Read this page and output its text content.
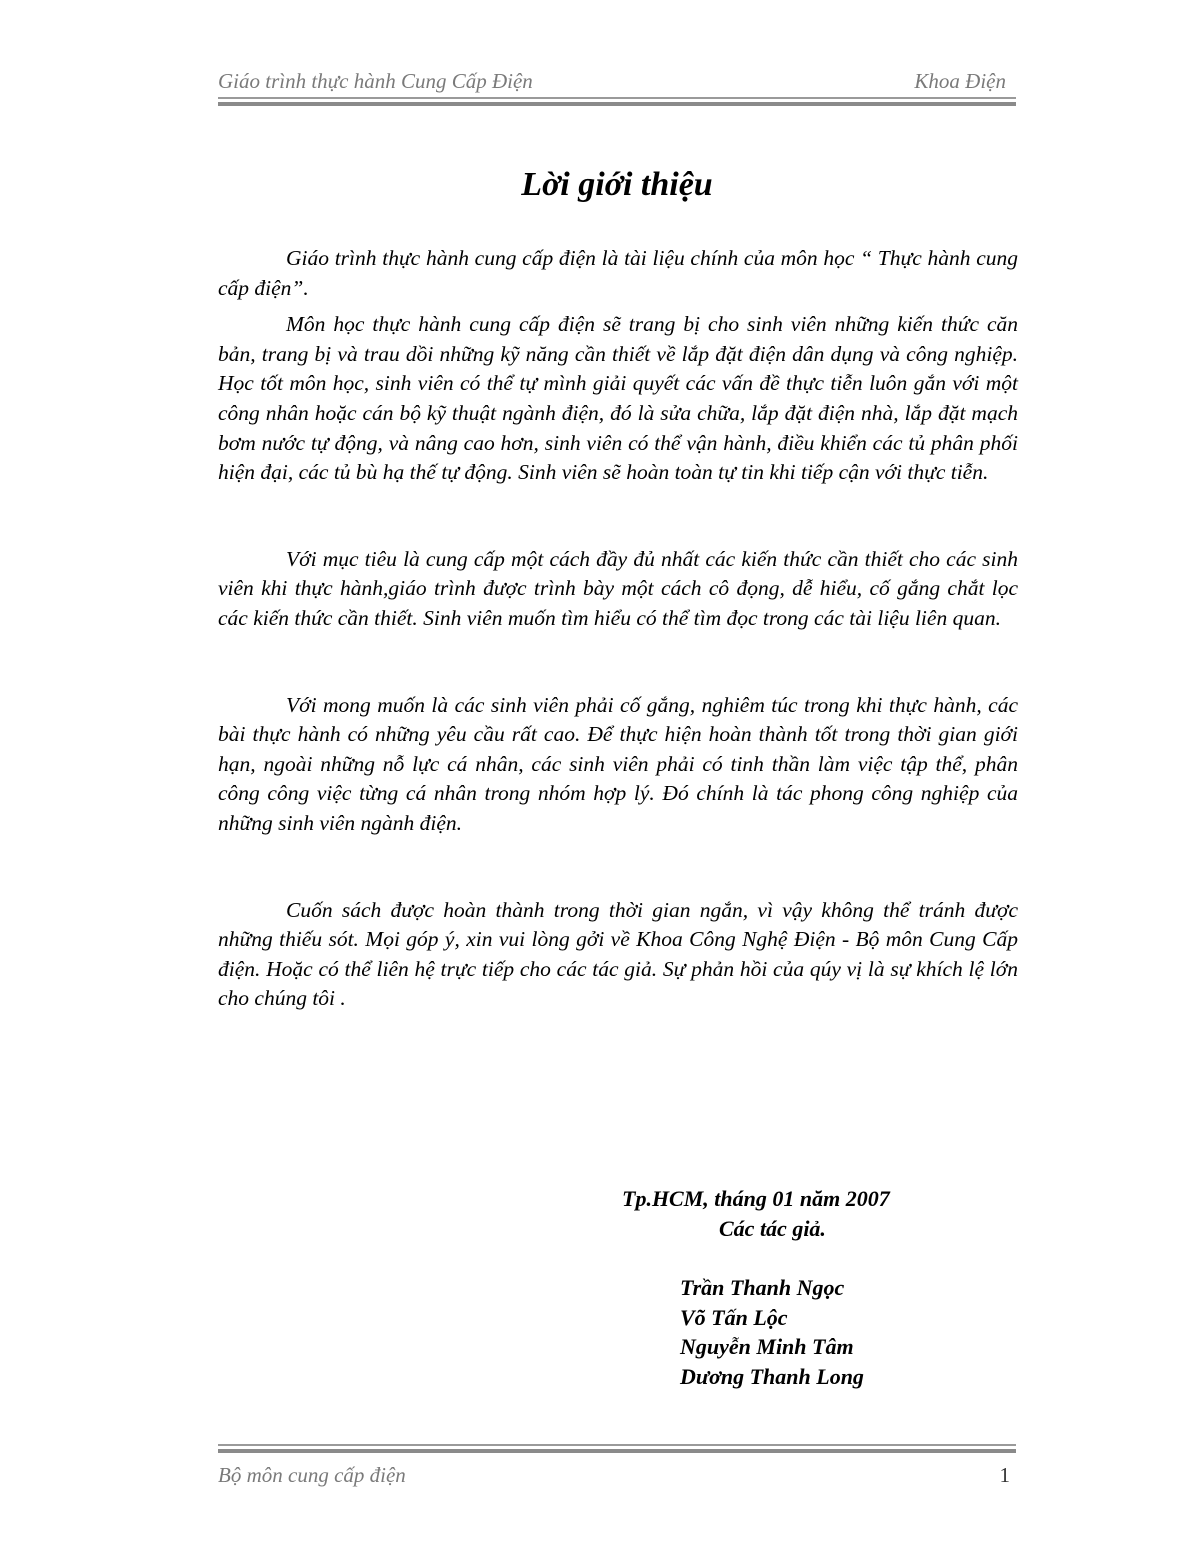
Giáo trình thực hành Cung Cấp Điện	Khoa Điện
Lời giới thiệu

Giáo trình thực hành cung cấp điện là tài liệu chính của môn học “ Thực hành cung cấp điện”.

Môn học thực hành cung cấp điện sẽ trang bị cho sinh viên những kiến thức căn bản, trang bị và trau dồi những kỹ năng cần thiết về lắp đặt điện dân dụng và công nghiệp. Học tốt môn học, sinh viên có thể tự mình giải quyết các vấn đề thực tiễn luôn gắn với một công nhân hoặc cán bộ kỹ thuật ngành điện, đó là sửa chữa, lắp đặt điện nhà, lắp đặt mạch bơm nước tự động, và nâng cao hơn, sinh viên có thể vận hành, điều khiển các tủ phân phối hiện đại, các tủ bù hạ thế tự động. Sinh viên sẽ hoàn toàn tự tin khi tiếp cận với thực tiễn.

Với mục tiêu là cung cấp một cách đầy đủ nhất các kiến thức cần thiết cho các sinh viên khi thực hành,giáo trình được trình bày một cách cô đọng, dễ hiểu, cố gắng chắt lọc các kiến thức cần thiết. Sinh viên muốn tìm hiểu có thể tìm đọc trong các tài liệu liên quan.

Với mong muốn là các sinh viên phải cố gắng, nghiêm túc trong khi thực hành, các bài thực hành có những yêu cầu rất cao. Để thực hiện hoàn thành tốt trong thời gian giới hạn, ngoài những nỗ lực cá nhân, các sinh viên phải có tinh thần làm việc tập thể, phân công công việc từng cá nhân trong nhóm hợp lý. Đó chính là tác phong công nghiệp của những sinh viên ngành điện.

Cuốn sách được hoàn thành trong thời gian ngắn, vì vậy không thể tránh được những thiếu sót. Mọi góp ý, xin vui lòng gởi về Khoa Công Nghệ Điện - Bộ môn Cung Cấp điện. Hoặc có thể liên hệ trực tiếp cho các tác giả. Sự phản hồi của qúy vị là sự khích lệ lớn cho chúng tôi .

Tp.HCM, tháng 01 năm 2007
Các tác giả.
Trần Thanh Ngọc
Võ Tấn Lộc
Nguyễn Minh Tâm
Dương Thanh Long
Bộ môn cung cấp điện	1
